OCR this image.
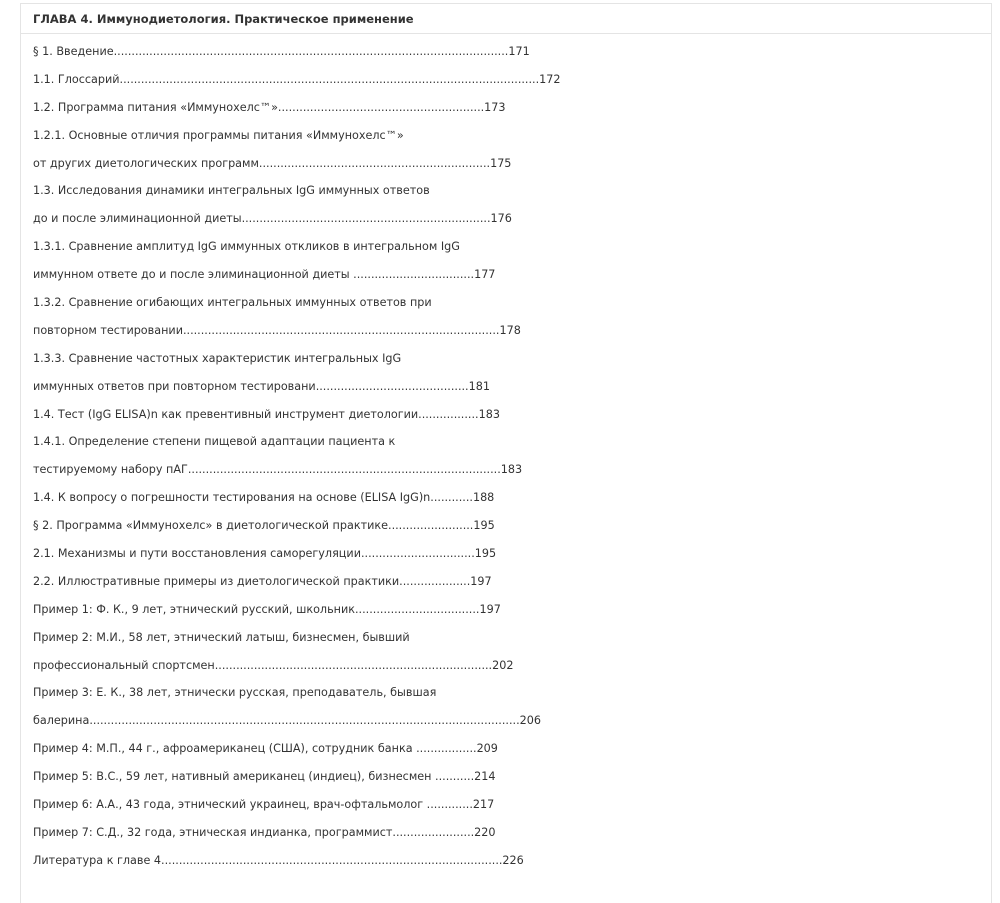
ГЛАВА 4. Иммунодиетология. Практическое применение
§ 1. Введение...............................................................................................................171
1.1. Глоссарий......................................................................................................................172
1.2. Программа питания «Иммунохелс™»..........................................................173
1.2.1. Основные отличия программы питания «Иммунохелс™»
от других диетологических программ.................................................................175
1.3. Исследования динамики интегральных IgG иммунных ответов
до и после элиминационной диеты......................................................................176
1.3.1. Сравнение амплитуд IgG иммунных откликов в интегральном IgG
иммунном ответе до и после элиминационной диеты ..................................177
1.3.2. Сравнение огибающих интегральных иммунных ответов при
повторном тестировании.........................................................................................178
1.3.3. Сравнение частотных характеристик интегральных IgG
иммунных ответов при повторном тестировани...........................................181
1.4. Тест (IgG ELISA)n как превентивный инструмент диетологии.................183
1.4.1. Определение степени пищевой адаптации пациента к
тестируемому набору пАГ........................................................................................183
1.4. К вопросу о погрешности тестирования на основе (ELISA IgG)n............188
§ 2. Программа «Иммунохелс» в диетологической практике........................195
2.1. Механизмы и пути восстановления саморегуляции................................195
2.2. Иллюстративные примеры из диетологической практики....................197
Пример 1: Ф. К., 9 лет, этнический русский, школьник...................................197
Пример 2: М.И., 58 лет, этнический латыш, бизнесмен, бывший
профессиональный спортсмен..............................................................................202
Пример 3: Е. К., 38 лет, этнически русская, преподаватель, бывшая
балерина.........................................................................................................................206
Пример 4: М.П., 44 г., афроамериканец (США), сотрудник банка .................209
Пример 5: В.С., 59 лет, нативный американец (индиец), бизнесмен ...........214
Пример 6: А.А., 43 года, этнический украинец, врач-офтальмолог .............217
Пример 7: С.Д., 32 года, этническая индианка, программист.......................220
Литература к главе 4................................................................................................226
